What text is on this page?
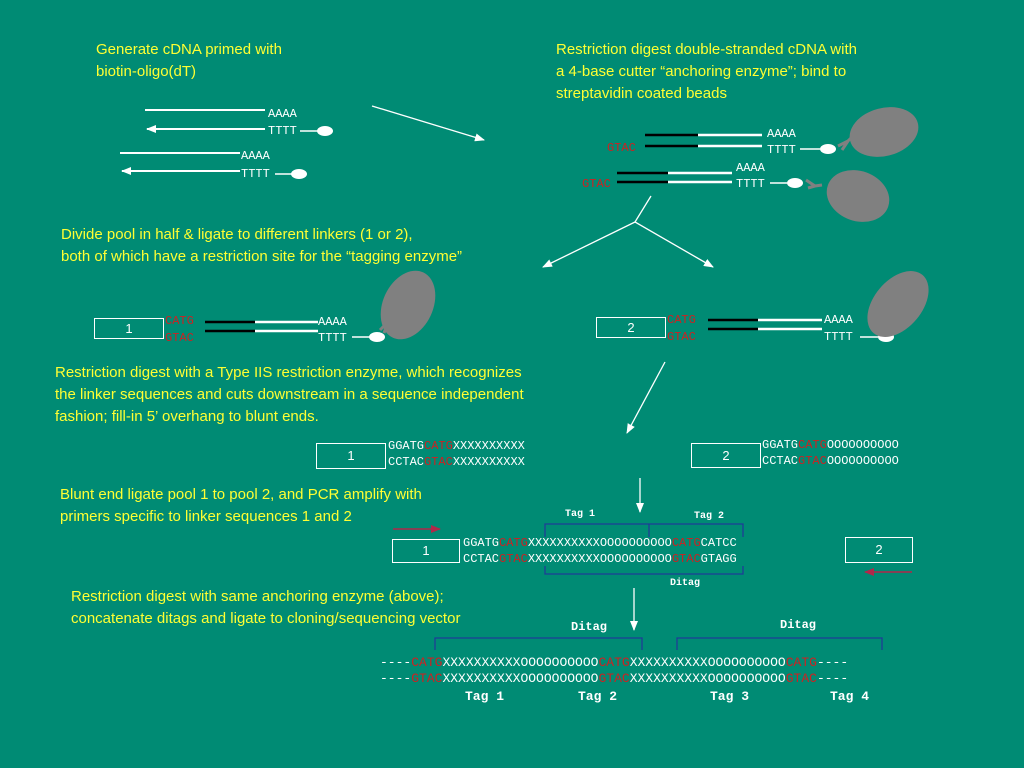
Generate cDNA primed with
biotin-oligo(dT)
Restriction digest double-stranded cDNA with
a 4-base cutter “anchoring enzyme”; bind to
streptavidin coated beads
Divide pool in half & ligate to different linkers (1 or 2),
both of which have a restriction site for the “tagging enzyme”
Restriction digest with a Type IIS restriction enzyme, which recognizes
the linker sequences and cuts downstream in a sequence independent
fashion; fill-in 5’ overhang to blunt ends.
Blunt end ligate pool 1 to pool 2, and PCR amplify with
primers specific to linker sequences 1 and 2
Restriction digest with same anchoring enzyme (above);
concatenate ditags and ligate to cloning/sequencing vector
AAAA
TTTT
AAAA
TTTT
GTAC
AAAA
TTTT
GTAC
AAAA
TTTT
1	CATG
GTAC
AAAA
TTTT
2	CATG
GTAC
AAAA
TTTT
1
GGATGCATGXXXXXXXXXX
CCTACGTACXXXXXXXXXX	2
GGATGCATGOOOOOOOOOO
CCTACGTACOOOOOOOOOO
Tag 1	Tag 2
1	GGATGCATGXXXXXXXXXXOOOOOOOOOOCATGCATCC
CCTACGTACXXXXXXXXXXOOOOOOOOOOGTACGTAGG
2
Ditag
Ditag	Ditag
----CATGXXXXXXXXXXOOOOOOOOOOCATGXXXXXXXXXXOOOOOOOOOOCATG----
----GTACXXXXXXXXXXOOOOOOOOOOGTACXXXXXXXXXXOOOOOOOOOOGTAC----
Tag 1	Tag 2	Tag 3	Tag 4
